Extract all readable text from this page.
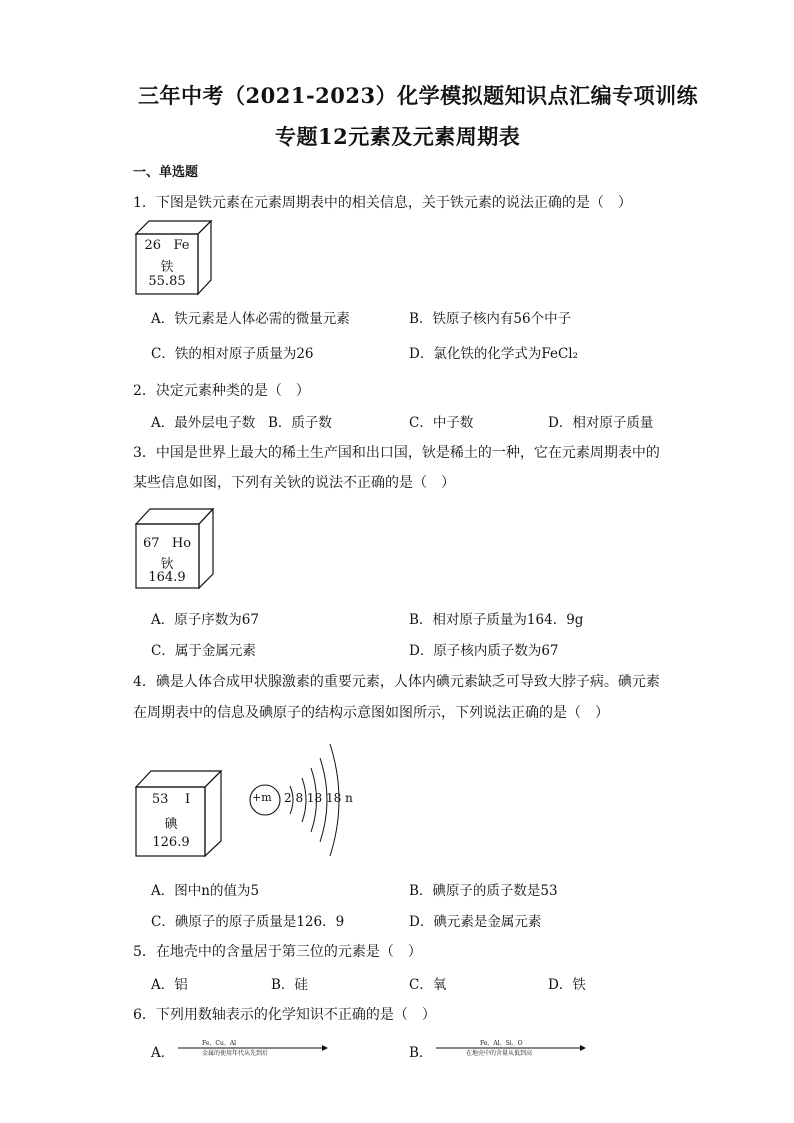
三年中考（2021-2023）化学模拟题知识点汇编专项训练
专题12元素及元素周期表
一、单选题
1．下图是铁元素在元素周期表中的相关信息，关于铁元素的说法正确的是（　）
26 Fe
铁
55.85
A．铁元素是人体必需的微量元素	B．铁原子核内有56个中子
C．铁的相对原子质量为26	D．氯化铁的化学式为FeCl₂
2．决定元素种类的是（　）
A．最外层电子数 B．质子数	C．中子数	D．相对原子质量
3．中国是世界上最大的稀土生产国和出口国，钬是稀土的一种，它在元素周期表中的
某些信息如图，下列有关钬的说法不正确的是（　）
67 Ho
钬
164.9
A．原子序数为67	B．相对原子质量为164．9g
C．属于金属元素	D．原子核内质子数为67
4．碘是人体合成甲状腺激素的重要元素，人体内碘元素缺乏可导致大脖子病。碘元素
在周期表中的信息及碘原子的结构示意图如图所示，下列说法正确的是（　）
53 I
碘
126.9
+m 2 8 18 18 n
A．图中n的值为5	B．碘原子的质子数是53
C．碘原子的原子质量是126．9	D．碘元素是金属元素
5．在地壳中的含量居于第三位的元素是（　）
A．铝	B．硅	C．氧	D．铁
6．下列用数轴表示的化学知识不正确的是（　）
A．
Fe、Cu、Al
金属的使用年代从先到后	B．
Fe、Al、Si、O
在地壳中的含量从低到高
